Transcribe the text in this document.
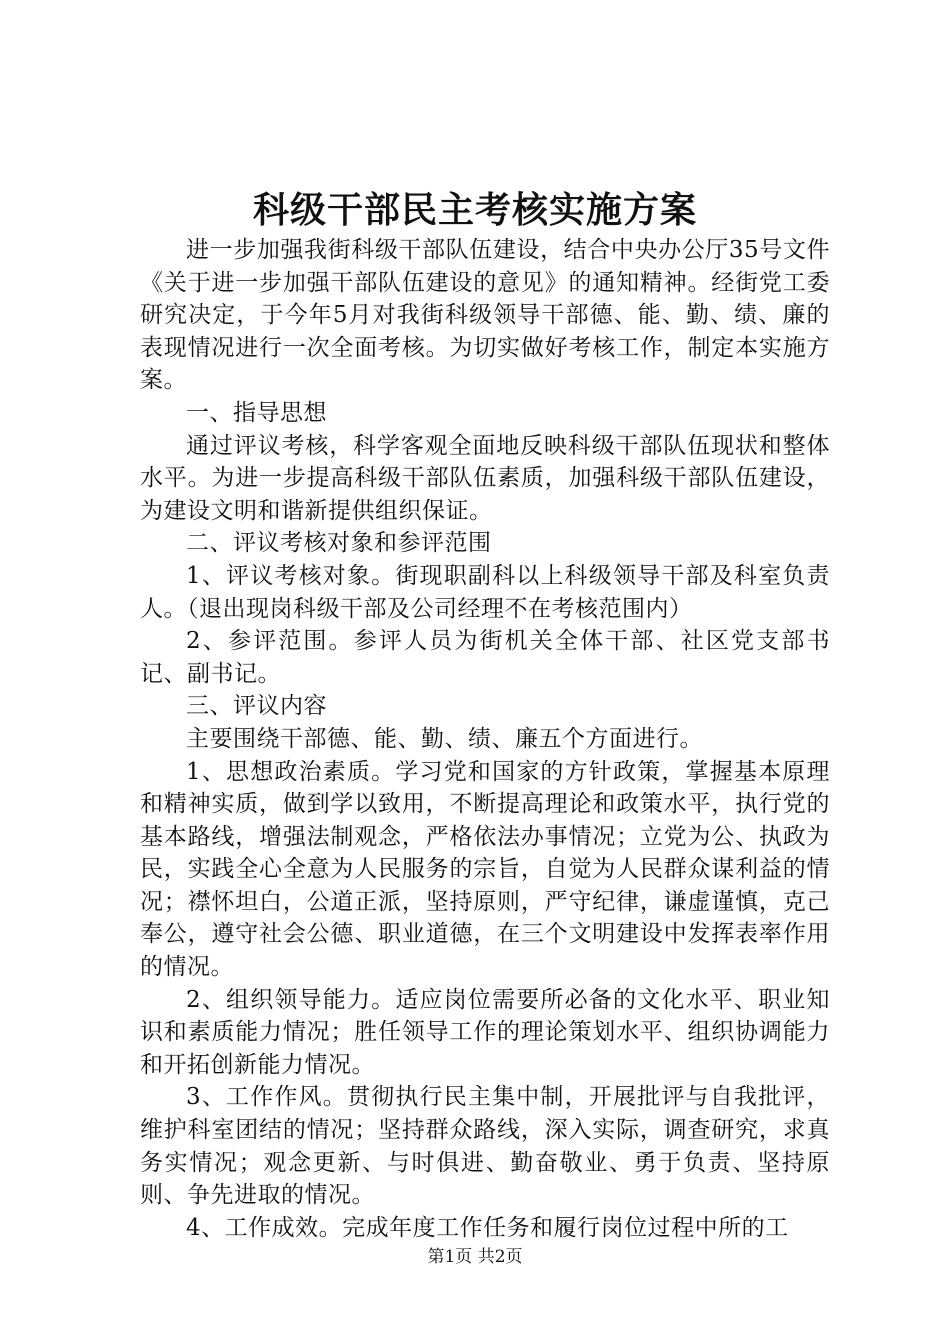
科级干部民主考核实施方案

进一步加强我街科级干部队伍建设，结合中央办公厅35号文件《关于进一步加强干部队伍建设的意见》的通知精神。经街党工委研究决定，于今年5月对我街科级领导干部德、能、勤、绩、廉的表现情况进行一次全面考核。为切实做好考核工作，制定本实施方案。

一、指导思想

通过评议考核，科学客观全面地反映科级干部队伍现状和整体水平。为进一步提高科级干部队伍素质，加强科级干部队伍建设，为建设文明和谐新提供组织保证。

二、评议考核对象和参评范围

1、评议考核对象。街现职副科以上科级领导干部及科室负责人。（退出现岗科级干部及公司经理不在考核范围内）

2、参评范围。参评人员为街机关全体干部、社区党支部书记、副书记。

三、评议内容

主要围绕干部德、能、勤、绩、廉五个方面进行。

1、思想政治素质。学习党和国家的方针政策，掌握基本原理和精神实质，做到学以致用，不断提高理论和政策水平，执行党的基本路线，增强法制观念，严格依法办事情况；立党为公、执政为民，实践全心全意为人民服务的宗旨，自觉为人民群众谋利益的情况；襟怀坦白，公道正派，坚持原则，严守纪律，谦虚谨慎，克己奉公，遵守社会公德、职业道德，在三个文明建设中发挥表率作用的情况。

2、组织领导能力。适应岗位需要所必备的文化水平、职业知识和素质能力情况；胜任领导工作的理论策划水平、组织协调能力和开拓创新能力情况。

3、工作作风。贯彻执行民主集中制，开展批评与自我批评，维护科室团结的情况；坚持群众路线，深入实际，调查研究，求真务实情况；观念更新、与时俱进、勤奋敬业、勇于负责、坚持原则、争先进取的情况。

4、工作成效。完成年度工作任务和履行岗位过程中所的工

第1页 共2页
